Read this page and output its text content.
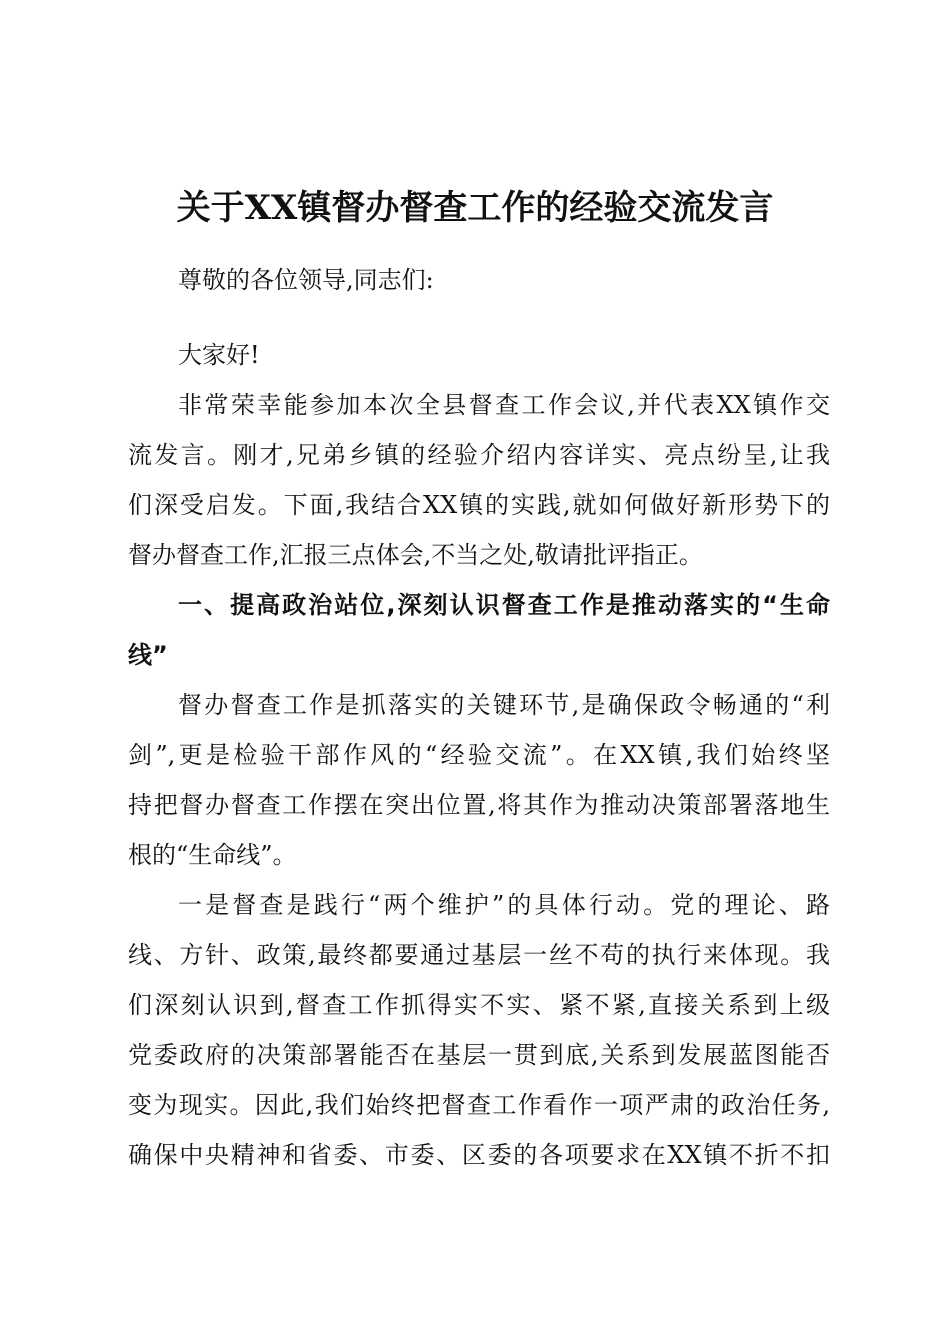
关于XX镇督办督查工作的经验交流发言
尊敬的各位领导,同志们:
大家好!
非常荣幸能参加本次全县督查工作会议,并代表XX镇作交
流发言。刚才,兄弟乡镇的经验介绍内容详实、亮点纷呈,让我
们深受启发。下面,我结合XX镇的实践,就如何做好新形势下的
督办督查工作,汇报三点体会,不当之处,敬请批评指正。
一、提高政治站位,深刻认识督查工作是推动落实的“生命
线”
督办督查工作是抓落实的关键环节,是确保政令畅通的“利
剑”,更是检验干部作风的“经验交流”。在XX镇,我们始终坚
持把督办督查工作摆在突出位置,将其作为推动决策部署落地生
根的“生命线”。
一是督查是践行“两个维护”的具体行动。党的理论、路
线、方针、政策,最终都要通过基层一丝不苟的执行来体现。我
们深刻认识到,督查工作抓得实不实、紧不紧,直接关系到上级
党委政府的决策部署能否在基层一贯到底,关系到发展蓝图能否
变为现实。因此,我们始终把督查工作看作一项严肃的政治任务,
确保中央精神和省委、市委、区委的各项要求在XX镇不折不扣
